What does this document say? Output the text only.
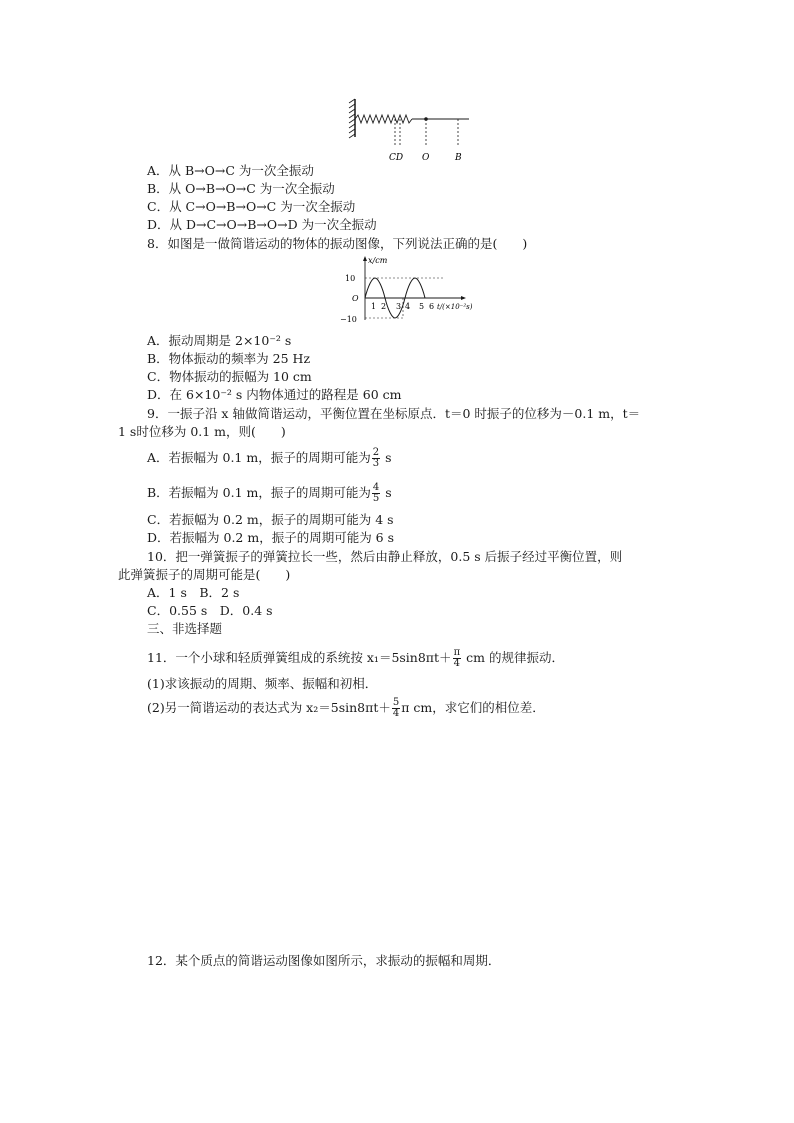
CD O	B
A．从 B→O→C 为一次全振动
B．从 O→B→O→C 为一次全振动
C．从 C→O→B→O→C 为一次全振动
D．从 D→C→O→B→O→D 为一次全振动
8．如图是一做简谐运动的物体的振动图像，下列说法正确的是(　　)
x/cm
10
O
−10
1 2 3 4 5 6 t/(×10⁻²s)
A．振动周期是 2×10⁻² s
B．物体振动的频率为 25 Hz
C．物体振动的振幅为 10 cm
D．在 6×10⁻² s 内物体通过的路程是 60 cm
9．一振子沿 x 轴做简谐运动，平衡位置在坐标原点．t＝0 时振子的位移为－0.1 m，t＝
1 s时位移为 0.1 m，则(　　)
A．若振幅为 0.1 m，振子的周期可能为 $\frac{2}{3}$ s
B．若振幅为 0.1 m，振子的周期可能为 $\frac{4}{5}$ s
C．若振幅为 0.2 m，振子的周期可能为 4 s
D．若振幅为 0.2 m，振子的周期可能为 6 s
10．把一弹簧振子的弹簧拉长一些，然后由静止释放，0.5 s 后振子经过平衡位置，则
此弹簧振子的周期可能是(　　)
A．1 s　B．2 s
C．0.55 s　D．0.4 s
三、非选择题
11．一个小球和轻质弹簧组成的系统按 $x_1=5\sin 8\pi t+ \frac{\pi}{4}$ cm 的规律振动．
(1)求该振动的周期、频率、振幅和初相．
(2)另一简谐运动的表达式为 $x_2=5\sin 8\pi t+ \frac{5}{4}$ π cm，求它们的相位差．
12．某个质点的简谐运动图像如图所示，求振动的振幅和周期．
